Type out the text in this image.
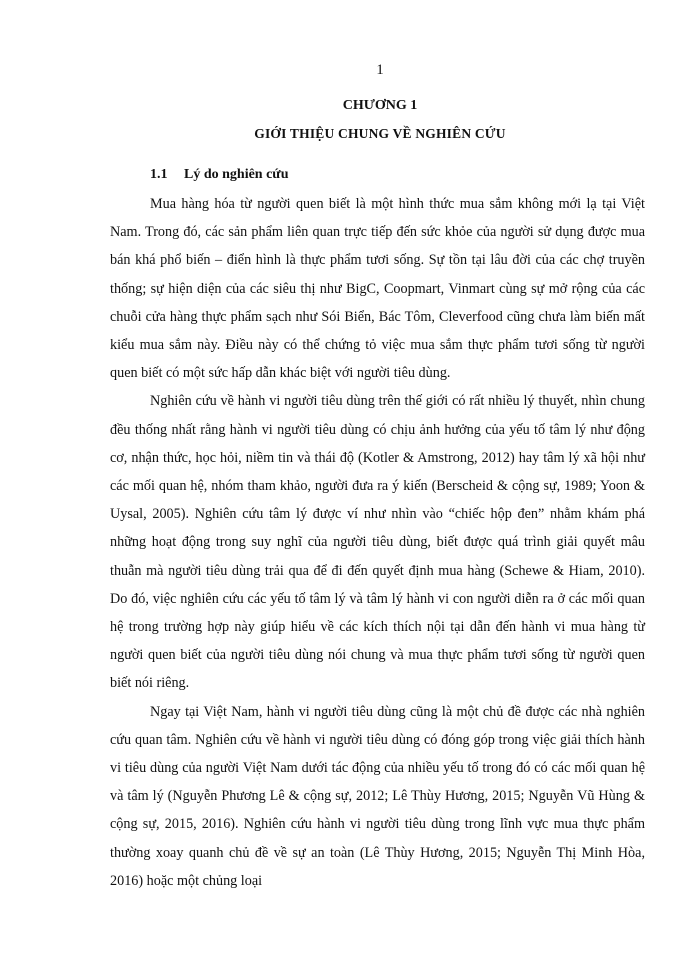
1
CHƯƠNG 1
GIỚI THIỆU CHUNG VỀ NGHIÊN CỨU
1.1 Lý do nghiên cứu

Mua hàng hóa từ người quen biết là một hình thức mua sắm không mới lạ tại Việt Nam. Trong đó, các sản phẩm liên quan trực tiếp đến sức khỏe của người sử dụng được mua bán khá phổ biến – điển hình là thực phẩm tươi sống. Sự tồn tại lâu đời của các chợ truyền thống; sự hiện diện của các siêu thị như BigC, Coopmart, Vinmart cùng sự mở rộng của các chuỗi cửa hàng thực phẩm sạch như Sói Biển, Bác Tôm, Cleverfood cũng chưa làm biến mất kiểu mua sắm này. Điều này có thể chứng tỏ việc mua sắm thực phẩm tươi sống từ người quen biết có một sức hấp dẫn khác biệt với người tiêu dùng.

Nghiên cứu về hành vi người tiêu dùng trên thế giới có rất nhiều lý thuyết, nhìn chung đều thống nhất rằng hành vi người tiêu dùng có chịu ảnh hưởng của yếu tố tâm lý như động cơ, nhận thức, học hỏi, niềm tin và thái độ (Kotler & Amstrong, 2012) hay tâm lý xã hội như các mối quan hệ, nhóm tham khảo, người đưa ra ý kiến (Berscheid & cộng sự, 1989; Yoon & Uysal, 2005). Nghiên cứu tâm lý được ví như nhìn vào “chiếc hộp đen” nhằm khám phá những hoạt động trong suy nghĩ của người tiêu dùng, biết được quá trình giải quyết mâu thuẫn mà người tiêu dùng trải qua để đi đến quyết định mua hàng (Schewe & Hiam, 2010). Do đó, việc nghiên cứu các yếu tố tâm lý và tâm lý hành vi con người diễn ra ở các mối quan hệ trong trường hợp này giúp hiểu về các kích thích nội tại dẫn đến hành vi mua hàng từ người quen biết của người tiêu dùng nói chung và mua thực phẩm tươi sống từ người quen biết nói riêng.

Ngay tại Việt Nam, hành vi người tiêu dùng cũng là một chủ đề được các nhà nghiên cứu quan tâm. Nghiên cứu về hành vi người tiêu dùng có đóng góp trong việc giải thích hành vi tiêu dùng của người Việt Nam dưới tác động của nhiều yếu tố trong đó có các mối quan hệ và tâm lý (Nguyễn Phương Lê & cộng sự, 2012; Lê Thùy Hương, 2015; Nguyễn Vũ Hùng & cộng sự, 2015, 2016). Nghiên cứu hành vi người tiêu dùng trong lĩnh vực mua thực phẩm thường xoay quanh chủ đề về sự an toàn (Lê Thùy Hương, 2015; Nguyễn Thị Minh Hòa, 2016) hoặc một chủng loại
